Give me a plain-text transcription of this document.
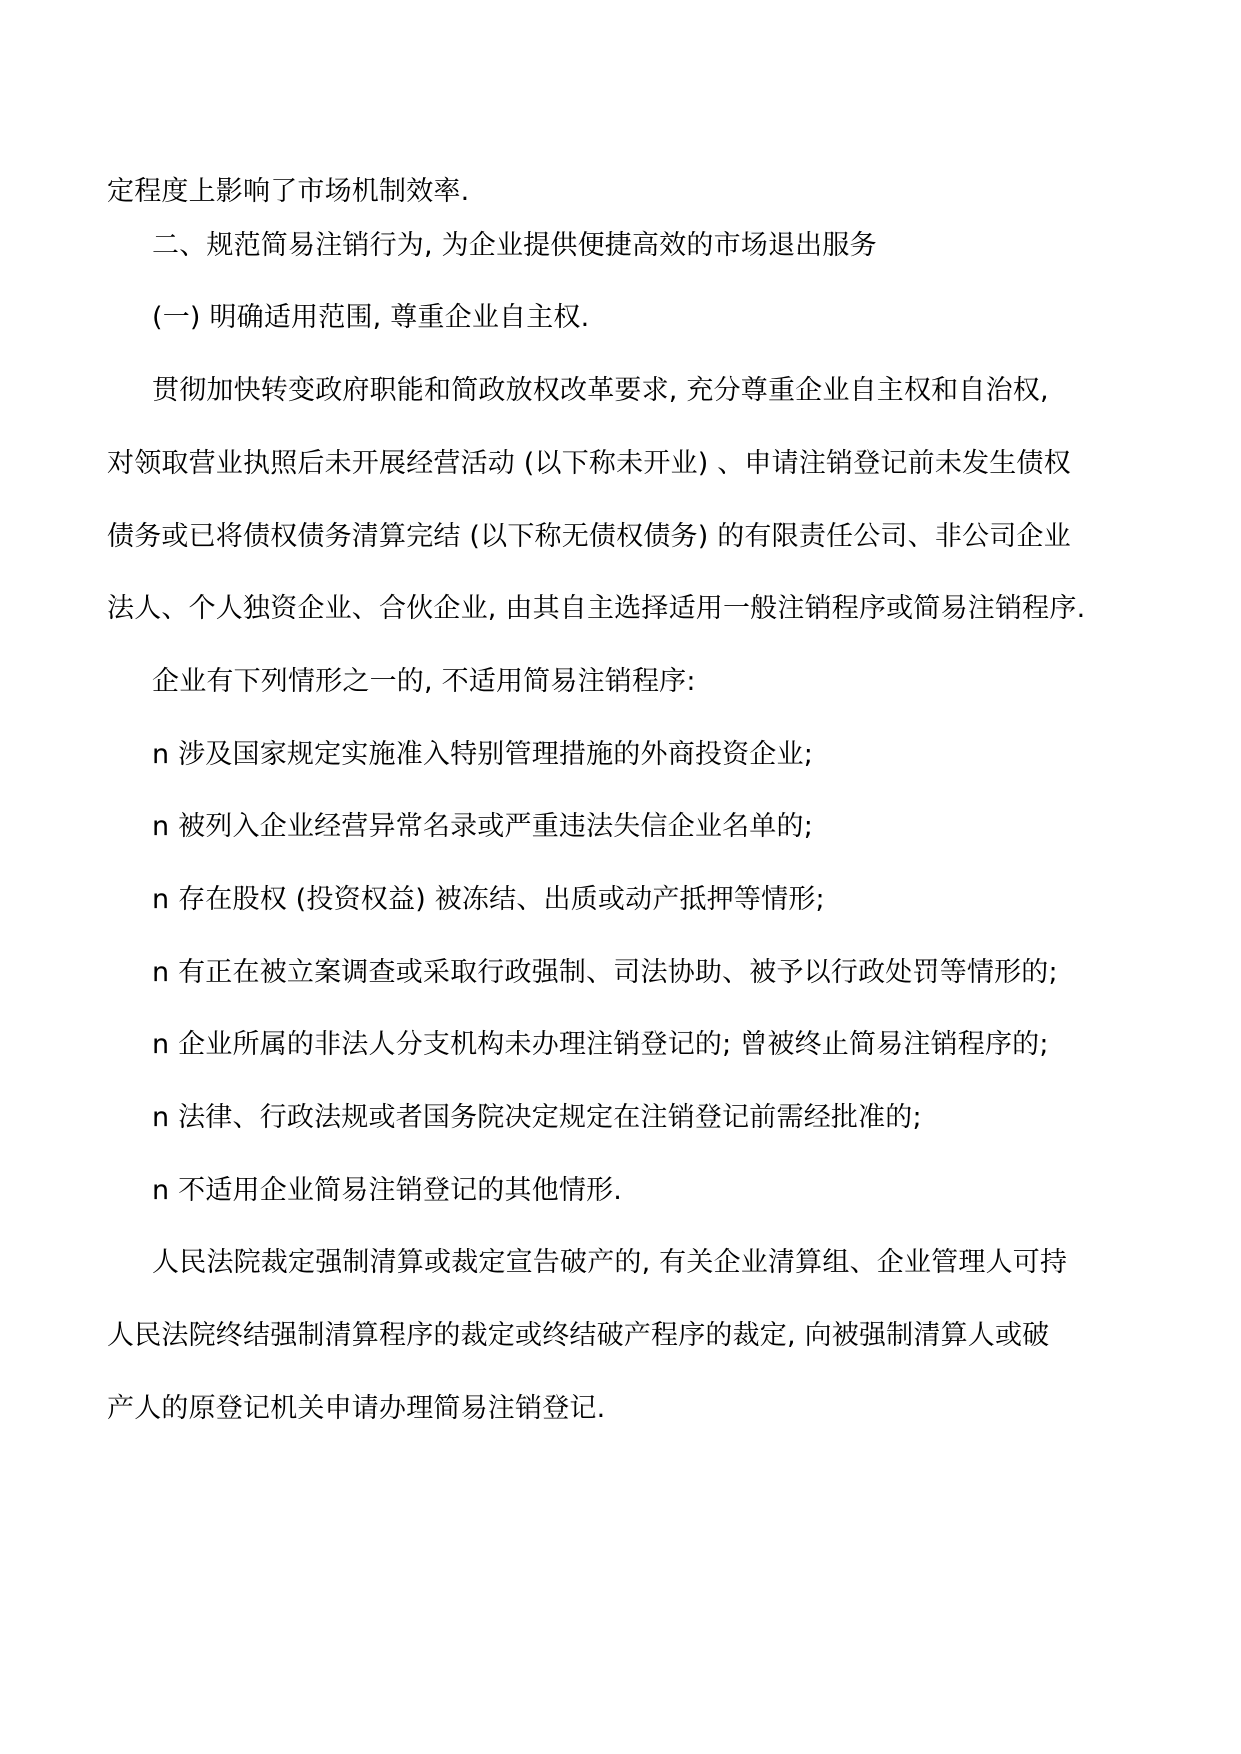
定程度上影响了市场机制效率.
二、规范简易注销行为, 为企业提供便捷高效的市场退出服务
(一) 明确适用范围, 尊重企业自主权.
贯彻加快转变政府职能和简政放权改革要求, 充分尊重企业自主权和自治权,
对领取营业执照后未开展经营活动 (以下称未开业) 、申请注销登记前未发生债权
债务或已将债权债务清算完结 (以下称无债权债务) 的有限责任公司、非公司企业
法人、个人独资企业、合伙企业, 由其自主选择适用一般注销程序或简易注销程序.
企业有下列情形之一的, 不适用简易注销程序:
n 涉及国家规定实施准入特别管理措施的外商投资企业;
n 被列入企业经营异常名录或严重违法失信企业名单的;
n 存在股权 (投资权益) 被冻结、出质或动产抵押等情形;
n 有正在被立案调查或采取行政强制、司法协助、被予以行政处罚等情形的;
n 企业所属的非法人分支机构未办理注销登记的; 曾被终止简易注销程序的;
n 法律、行政法规或者国务院决定规定在注销登记前需经批准的;
n 不适用企业简易注销登记的其他情形.
人民法院裁定强制清算或裁定宣告破产的, 有关企业清算组、企业管理人可持
人民法院终结强制清算程序的裁定或终结破产程序的裁定, 向被强制清算人或破
产人的原登记机关申请办理简易注销登记.
